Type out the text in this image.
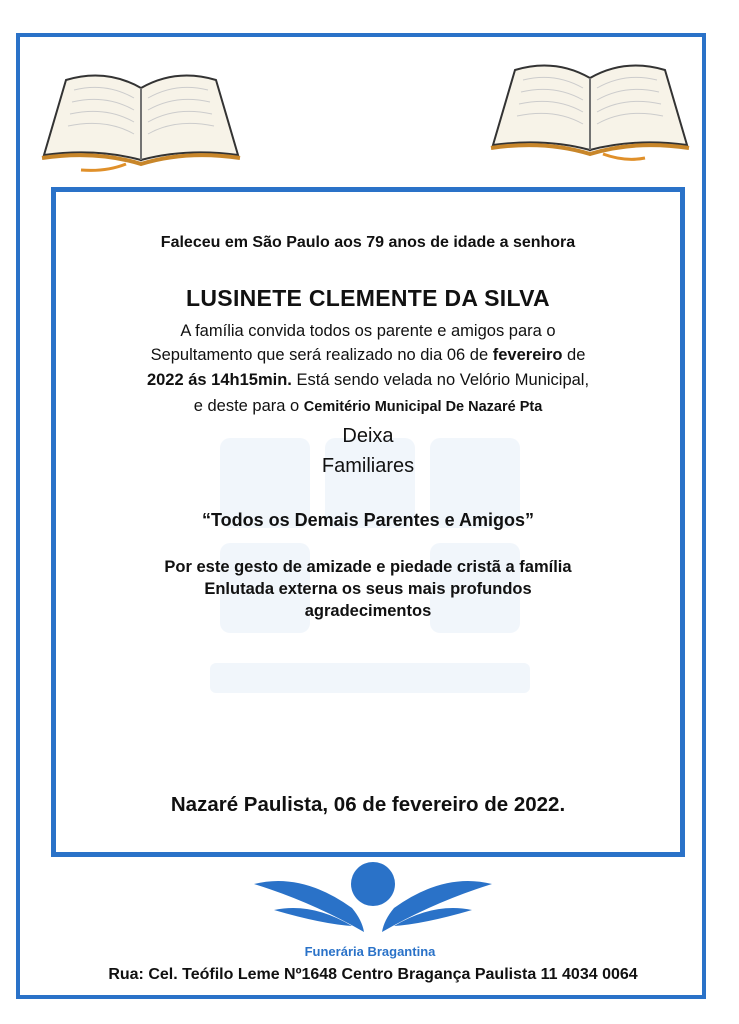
Faleceu em São Paulo aos 79 anos de idade a senhora
LUSINETE CLEMENTE DA SILVA
A família convida todos os parente e amigos para o
Sepultamento que será realizado no dia 06 de fevereiro de
2022 ás 14h15min. Está sendo velada no Velório Municipal,
e deste para o Cemitério Municipal De Nazaré Pta
Deixa
Familiares
“Todos os Demais Parentes e Amigos”
Por este gesto de amizade e piedade cristã a família
Enlutada externa os seus mais profundos
agradecimentos
Nazaré Paulista, 06 de fevereiro de 2022.
Funerária Bragantina
Rua: Cel. Teófilo Leme Nº1648 Centro Bragança Paulista 11 4034 0064
